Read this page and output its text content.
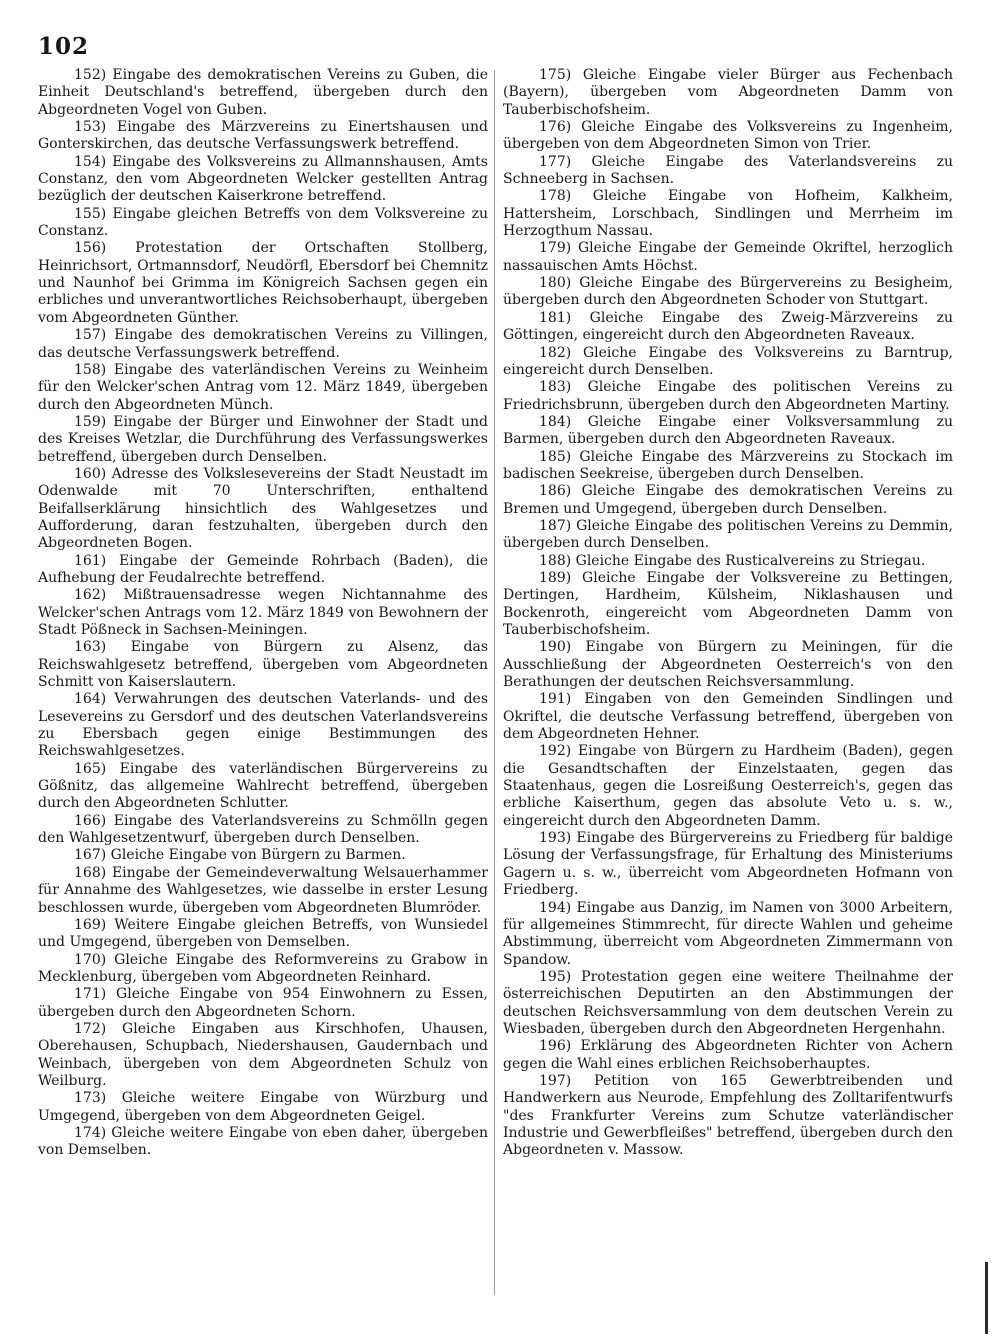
102

152) Eingabe des demokratischen Vereins zu Guben, die Einheit Deutschland's betreffend, übergeben durch den Abgeordneten Vogel von Guben.

153) Eingabe des Märzvereins zu Einertshausen und Gonterskirchen, das deutsche Verfassungswerk betreffend.

154) Eingabe des Volksvereins zu Allmannshausen, Amts Constanz, den vom Abgeordneten Welcker gestellten Antrag bezüglich der deutschen Kaiserkrone betreffend.

155) Eingabe gleichen Betreffs von dem Volksvereine zu Constanz.

156) Protestation der Ortschaften Stollberg, Heinrichsort, Ortmannsdorf, Neudörfl, Ebersdorf bei Chemnitz und Naunhof bei Grimma im Königreich Sachsen gegen ein erbliches und unverantwortliches Reichsoberhaupt, übergeben vom Abgeordneten Günther.

157) Eingabe des demokratischen Vereins zu Villingen, das deutsche Verfassungswerk betreffend.

158) Eingabe des vaterländischen Vereins zu Weinheim für den Welcker'schen Antrag vom 12. März 1849, übergeben durch den Abgeordneten Münch.

159) Eingabe der Bürger und Einwohner der Stadt und des Kreises Wetzlar, die Durchführung des Verfassungswerkes betreffend, übergeben durch Denselben.

160) Adresse des Volkslesevereins der Stadt Neustadt im Odenwalde mit 70 Unterschriften, enthaltend Beifallserklärung hinsichtlich des Wahlgesetzes und Aufforderung, daran festzuhalten, übergeben durch den Abgeordneten Bogen.

161) Eingabe der Gemeinde Rohrbach (Baden), die Aufhebung der Feudalrechte betreffend.

162) Mißtrauensadresse wegen Nichtannahme des Welcker'schen Antrags vom 12. März 1849 von Bewohnern der Stadt Pößneck in Sachsen-Meiningen.

163) Eingabe von Bürgern zu Alsenz, das Reichswahlgesetz betreffend, übergeben vom Abgeordneten Schmitt von Kaiserslautern.

164) Verwahrungen des deutschen Vaterlands- und des Lesevereins zu Gersdorf und des deutschen Vaterlandsvereins zu Ebersbach gegen einige Bestimmungen des Reichswahlgesetzes.

165) Eingabe des vaterländischen Bürgervereins zu Gößnitz, das allgemeine Wahlrecht betreffend, übergeben durch den Abgeordneten Schlutter.

166) Eingabe des Vaterlandsvereins zu Schmölln gegen den Wahlgesetzentwurf, übergeben durch Denselben.

167) Gleiche Eingabe von Bürgern zu Barmen.

168) Eingabe der Gemeindeverwaltung Welsauerhammer für Annahme des Wahlgesetzes, wie dasselbe in erster Lesung beschlossen wurde, übergeben vom Abgeordneten Blumröder.

169) Weitere Eingabe gleichen Betreffs, von Wunsiedel und Umgegend, übergeben von Demselben.

170) Gleiche Eingabe des Reformvereins zu Grabow in Mecklenburg, übergeben vom Abgeordneten Reinhard.

171) Gleiche Eingabe von 954 Einwohnern zu Essen, übergeben durch den Abgeordneten Schorn.

172) Gleiche Eingaben aus Kirschhofen, Uhausen, Oberehausen, Schupbach, Niedershausen, Gaudernbach und Weinbach, übergeben von dem Abgeordneten Schulz von Weilburg.

173) Gleiche weitere Eingabe von Würzburg und Umgegend, übergeben von dem Abgeordneten Geigel.

174) Gleiche weitere Eingabe von eben daher, übergeben von Demselben.

175) Gleiche Eingabe vieler Bürger aus Fechenbach (Bayern), übergeben vom Abgeordneten Damm von Tauberbischofsheim.

176) Gleiche Eingabe des Volksvereins zu Ingenheim, übergeben von dem Abgeordneten Simon von Trier.

177) Gleiche Eingabe des Vaterlandsvereins zu Schneeberg in Sachsen.

178) Gleiche Eingabe von Hofheim, Kalkheim, Hattersheim, Lorschbach, Sindlingen und Merrheim im Herzogthum Nassau.

179) Gleiche Eingabe der Gemeinde Okriftel, herzoglich nassauischen Amts Höchst.

180) Gleiche Eingabe des Bürgervereins zu Besigheim, übergeben durch den Abgeordneten Schoder von Stuttgart.

181) Gleiche Eingabe des Zweig-Märzvereins zu Göttingen, eingereicht durch den Abgeordneten Raveaux.

182) Gleiche Eingabe des Volksvereins zu Barntrup, eingereicht durch Denselben.

183) Gleiche Eingabe des politischen Vereins zu Friedrichsbrunn, übergeben durch den Abgeordneten Martiny.

184) Gleiche Eingabe einer Volksversammlung zu Barmen, übergeben durch den Abgeordneten Raveaux.

185) Gleiche Eingabe des Märzvereins zu Stockach im badischen Seekreise, übergeben durch Denselben.

186) Gleiche Eingabe des demokratischen Vereins zu Bremen und Umgegend, übergeben durch Denselben.

187) Gleiche Eingabe des politischen Vereins zu Demmin, übergeben durch Denselben.

188) Gleiche Eingabe des Rusticalvereins zu Striegau.

189) Gleiche Eingabe der Volksvereine zu Bettingen, Dertingen, Hardheim, Külsheim, Niklashausen und Bockenroth, eingereicht vom Abgeordneten Damm von Tauberbischofsheim.

190) Eingabe von Bürgern zu Meiningen, für die Ausschließung der Abgeordneten Oesterreich's von den Berathungen der deutschen Reichsversammlung.

191) Eingaben von den Gemeinden Sindlingen und Okriftel, die deutsche Verfassung betreffend, übergeben von dem Abgeordneten Hehner.

192) Eingabe von Bürgern zu Hardheim (Baden), gegen die Gesandtschaften der Einzelstaaten, gegen das Staatenhaus, gegen die Losreißung Oesterreich's, gegen das erbliche Kaiserthum, gegen das absolute Veto u. s. w., eingereicht durch den Abgeordneten Damm.

193) Eingabe des Bürgervereins zu Friedberg für baldige Lösung der Verfassungsfrage, für Erhaltung des Ministeriums Gagern u. s. w., überreicht vom Abgeordneten Hofmann von Friedberg.

194) Eingabe aus Danzig, im Namen von 3000 Arbeitern, für allgemeines Stimmrecht, für directe Wahlen und geheime Abstimmung, überreicht vom Abgeordneten Zimmermann von Spandow.

195) Protestation gegen eine weitere Theilnahme der österreichischen Deputirten an den Abstimmungen der deutschen Reichsversammlung von dem deutschen Verein zu Wiesbaden, übergeben durch den Abgeordneten Hergenhahn.

196) Erklärung des Abgeordneten Richter von Achern gegen die Wahl eines erblichen Reichsoberhauptes.

197) Petition von 165 Gewerbtreibenden und Handwerkern aus Neurode, Empfehlung des Zolltarifentwurfs "des Frankfurter Vereins zum Schutze vaterländischer Industrie und Gewerbfleißes" betreffend, übergeben durch den Abgeordneten v. Massow.
